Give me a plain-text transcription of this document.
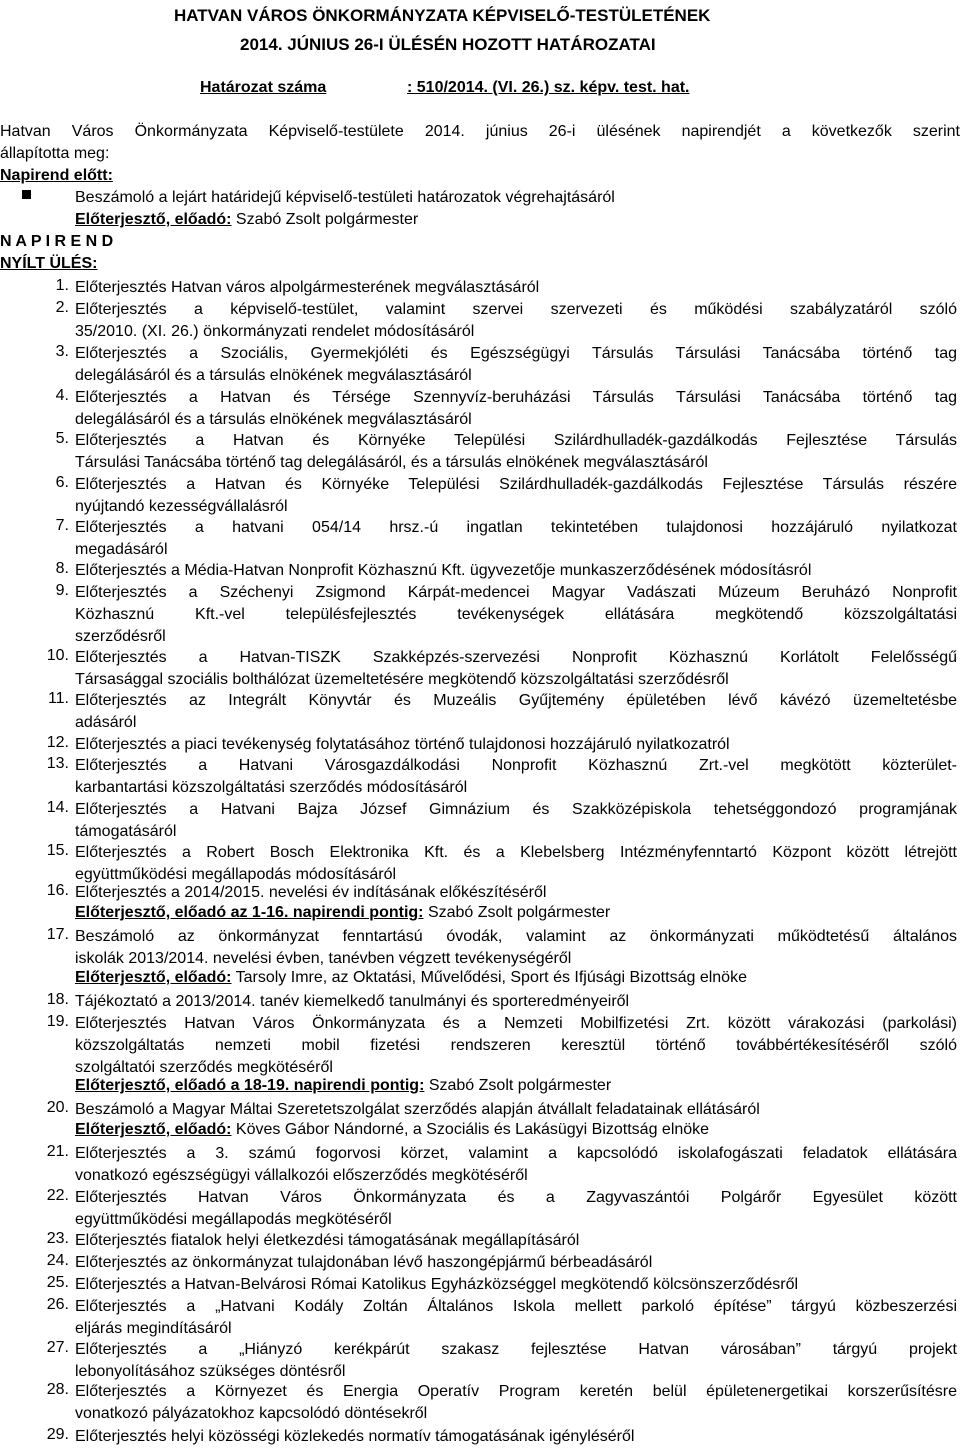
HATVAN VÁROS ÖNKORMÁNYZATA KÉPVISELŐ-TESTÜLETÉNEK
2014. JÚNIUS 26-I ÜLÉSÉN HOZOTT HATÁROZATAI
Határozat száma	: 510/2014. (VI. 26.) sz. képv. test. hat.
Hatvan Város Önkormányzata Képviselő-testülete 2014. június 26-i ülésének napirendjét a következők szerint
állapította meg:
Napirend előtt:
Beszámoló a lejárt határidejű képviselő-testületi határozatok végrehajtásáról
Előterjesztő, előadó: Szabó Zsolt polgármester
N A P I R E N D
NYÍLT ÜLÉS:
1. Előterjesztés Hatvan város alpolgármesterének megválasztásáról
2. Előterjesztés a képviselő-testület, valamint szervei szervezeti és működési szabályzatáról szóló
35/2010. (XI. 26.) önkormányzati rendelet módosításáról
3. Előterjesztés a Szociális, Gyermekjóléti és Egészségügyi Társulás Társulási Tanácsába történő tag
delegálásáról és a társulás elnökének megválasztásáról
4. Előterjesztés a Hatvan és Térsége Szennyvíz-beruházási Társulás Társulási Tanácsába történő tag
delegálásáról és a társulás elnökének megválasztásáról
5. Előterjesztés a Hatvan és Környéke Települési Szilárdhulladék-gazdálkodás Fejlesztése Társulás
Társulási Tanácsába történő tag delegálásáról, és a társulás elnökének megválasztásáról
6. Előterjesztés a Hatvan és Környéke Települési Szilárdhulladék-gazdálkodás Fejlesztése Társulás részére
nyújtandó kezességvállalásról
7. Előterjesztés a hatvani 054/14 hrsz.-ú ingatlan tekintetében tulajdonosi hozzájáruló nyilatkozat
megadásáról
8. Előterjesztés a Média-Hatvan Nonprofit Közhasznú Kft. ügyvezetője munkaszerződésének módosításról
9. Előterjesztés a Széchenyi Zsigmond Kárpát-medencei Magyar Vadászati Múzeum Beruházó Nonprofit
Közhasznú Kft.-vel településfejlesztés tevékenységek ellátására megkötendő közszolgáltatási
szerződésről
10. Előterjesztés a Hatvan-TISZK Szakképzés-szervezési Nonprofit Közhasznú Korlátolt Felelősségű
Társasággal szociális bolthálózat üzemeltetésére megkötendő közszolgáltatási szerződésről
11. Előterjesztés az Integrált Könyvtár és Muzeális Gyűjtemény épületében lévő kávézó üzemeltetésbe
adásáról
12. Előterjesztés a piaci tevékenység folytatásához történő tulajdonosi hozzájáruló nyilatkozatról
13. Előterjesztés a Hatvani Városgazdálkodási Nonprofit Közhasznú Zrt.-vel megkötött közterület-
karbantartási közszolgáltatási szerződés módosításáról
14. Előterjesztés a Hatvani Bajza József Gimnázium és Szakközépiskola tehetséggondozó programjának
támogatásáról
15. Előterjesztés a Robert Bosch Elektronika Kft. és a Klebelsberg Intézményfenntartó Központ között létrejött
együttműködési megállapodás módosításáról
16. Előterjesztés a 2014/2015. nevelési év indításának előkészítéséről
17. Beszámoló az önkormányzat fenntartású óvodák, valamint az önkormányzati működtetésű általános
iskolák 2013/2014. nevelési évben, tanévben végzett tevékenységéről
18. Tájékoztató a 2013/2014. tanév kiemelkedő tanulmányi és sporteredményeiről
19. Előterjesztés Hatvan Város Önkormányzata és a Nemzeti Mobilfizetési Zrt. között várakozási (parkolási)
közszolgáltatás nemzeti mobil fizetési rendszeren keresztül történő továbbértékesítéséről szóló
szolgáltatói szerződés megkötéséről
20. Beszámoló a Magyar Máltai Szeretetszolgálat szerződés alapján átvállalt feladatainak ellátásáról
21. Előterjesztés a 3. számú fogorvosi körzet, valamint a kapcsolódó iskolafogászati feladatok ellátására
vonatkozó egészségügyi vállalkozói előszerződés megkötéséről
22. Előterjesztés Hatvan Város Önkormányzata és a Zagyvaszántói Polgárőr Egyesület között
együttműködési megállapodás megkötéséről
23. Előterjesztés fiatalok helyi életkezdési támogatásának megállapításáról
24. Előterjesztés az önkormányzat tulajdonában lévő haszongépjármű bérbeadásáról
25. Előterjesztés a Hatvan-Belvárosi Római Katolikus Egyházközséggel megkötendő kölcsönszerződésről
26. Előterjesztés a „Hatvani Kodály Zoltán Általános Iskola mellett parkoló építése” tárgyú közbeszerzési
eljárás megindításáról
27. Előterjesztés a „Hiányzó kerékpárút szakasz fejlesztése Hatvan városában” tárgyú projekt
lebonyolításához szükséges döntésről
28. Előterjesztés a Környezet és Energia Operatív Program keretén belül épületenergetikai korszerűsítésre
vonatkozó pályázatokhoz kapcsolódó döntésekről
29. Előterjesztés helyi közösségi közlekedés normatív támogatásának igényléséről
Előterjesztő, előadó az 1-16. napirendi pontig: Szabó Zsolt polgármester
Előterjesztő, előadó: Tarsoly Imre, az Oktatási, Művelődési, Sport és Ifjúsági Bizottság elnöke
Előterjesztő, előadó a 18-19. napirendi pontig: Szabó Zsolt polgármester
Előterjesztő, előadó: Köves Gábor Nándorné, a Szociális és Lakásügyi Bizottság elnöke
